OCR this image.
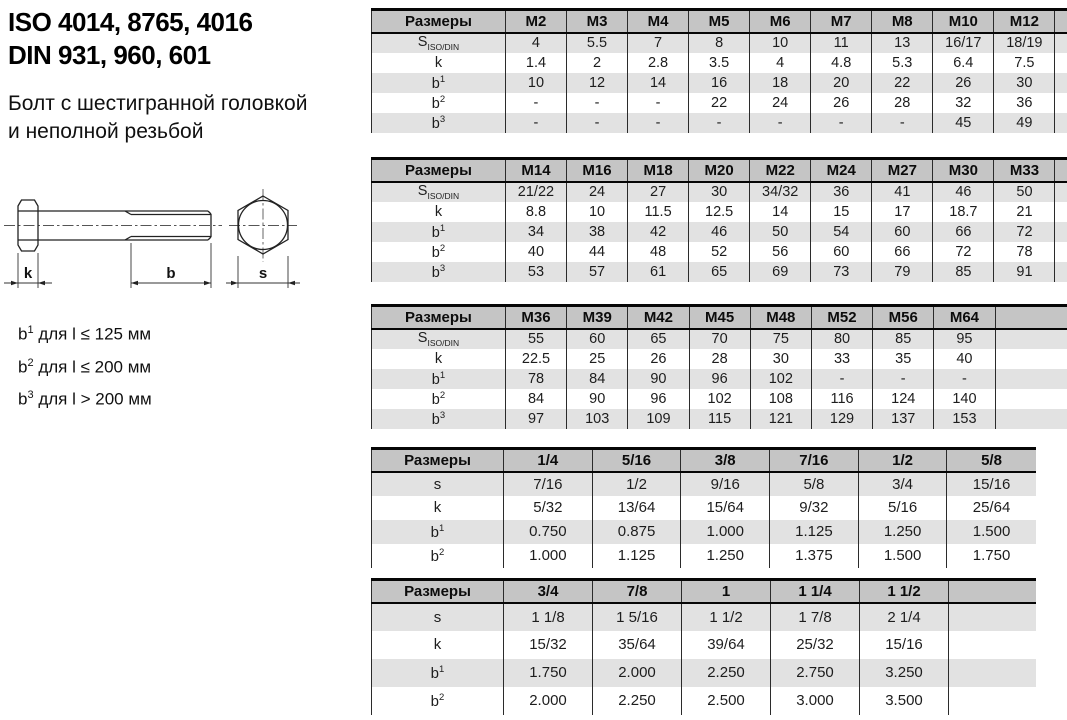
ISO 4014, 8765, 4016
DIN 931, 960, 601
Болт с шестигранной головкой
и неполной резьбой
k	b	s
$b^1$ для l ≤ 125 мм
$b^2$ для l ≤ 200 мм
$b^3$ для l > 200 мм
Размеры	M2	M3	M4	M5	M6	M7	M8	M10	M12	
$S_{ISO/DIN}$	4	5.5	7	8	10	11	13	16/17	18/19	
k	1.4	2	2.8	3.5	4	4.8	5.3	6.4	7.5	
$b^1$	10	12	14	16	18	20	22	26	30	
$b^2$	-	-	-	22	24	26	28	32	36	
$b^3$	-	-	-	-	-	-	-	45	49	
Размеры	M14	M16	M18	M20	M22	M24	M27	M30	M33	
$S_{ISO/DIN}$	21/22	24	27	30	34/32	36	41	46	50	
k	8.8	10	11.5	12.5	14	15	17	18.7	21	
$b^1$	34	38	42	46	50	54	60	66	72	
$b^2$	40	44	48	52	56	60	66	72	78	
$b^3$	53	57	61	65	69	73	79	85	91	
Размеры	M36	M39	M42	M45	M48	M52	M56	M64	
$S_{ISO/DIN}$	55	60	65	70	75	80	85	95	
k	22.5	25	26	28	30	33	35	40	
$b^1$	78	84	90	96	102	-	-	-	
$b^2$	84	90	96	102	108	116	124	140	
$b^3$	97	103	109	115	121	129	137	153	
Размеры	1/4	5/16	3/8	7/16	1/2	5/8
s	7/16	1/2	9/16	5/8	3/4	15/16
k	5/32	13/64	15/64	9/32	5/16	25/64
$b^1$	0.750	0.875	1.000	1.125	1.250	1.500
$b^2$	1.000	1.125	1.250	1.375	1.500	1.750
Размеры	3/4	7/8	1	1 1/4	1 1/2	
s	1 1/8	1 5/16	1 1/2	1 7/8	2 1/4	
k	15/32	35/64	39/64	25/32	15/16	
$b^1$	1.750	2.000	2.250	2.750	3.250	
$b^2$	2.000	2.250	2.500	3.000	3.500	
